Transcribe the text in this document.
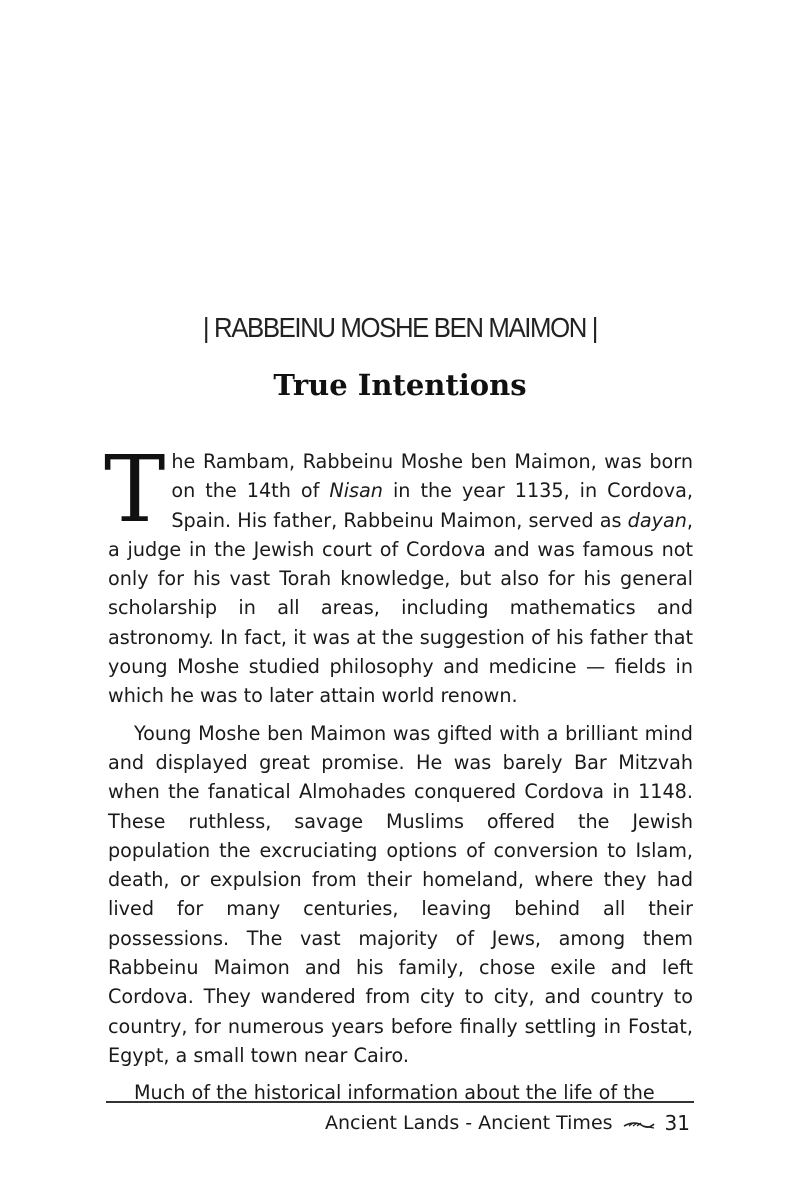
| RABBEINU MOSHE BEN MAIMON |
True Intentions

The Rambam, Rabbeinu Moshe ben Maimon, was born on the 14th of Nisan in the year 1135, in Cordova, Spain. His father, Rabbeinu Maimon, served as dayan, a judge in the Jewish court of Cordova and was famous not only for his vast Torah knowledge, but also for his general scholarship in all areas, including mathematics and astronomy. In fact, it was at the suggestion of his father that young Moshe studied philosophy and medicine — fields in which he was to later attain world renown.

Young Moshe ben Maimon was gifted with a brilliant mind and displayed great promise. He was barely Bar Mitzvah when the fanatical Almohades conquered Cordova in 1148. These ruthless, savage Muslims offered the Jewish population the excruciating options of conversion to Islam, death, or expulsion from their homeland, where they had lived for many centuries, leaving behind all their possessions. The vast majority of Jews, among them Rabbeinu Maimon and his family, chose exile and left Cordova. They wandered from city to city, and country to country, for numerous years before finally settling in Fostat, Egypt, a small town near Cairo.

Much of the historical information about the life of the

Ancient Lands - Ancient Times	31
